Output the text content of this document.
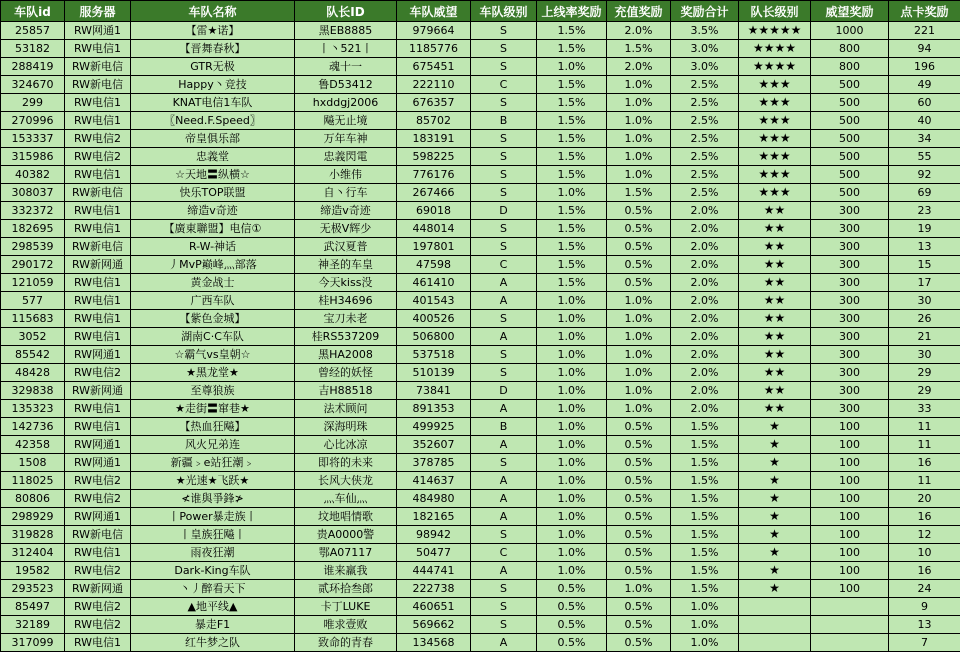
车队id	服务器	车队名称	队长ID	车队威望	车队级别	上线率奖励	充值奖励	奖励合计	队长级别	威望奖励	点卡奖励
25857	RW网通1	【雷★诺】	黑EB8885	979664	S	1.5%	2.0%	3.5%	★★★★★	1000	221
53182	RW电信1	【晋舞春秋】	丨丶521丨	1185776	S	1.5%	1.5%	3.0%	★★★★	800	94
288419	RW新电信	GTR无极	魂十一	675451	S	1.0%	2.0%	3.0%	★★★★	800	196
324670	RW新电信	Happy丶竞技	鲁D53412	222110	C	1.5%	1.0%	2.5%	★★★	500	49
299	RW电信1	KNAT电信1车队	hxddgj2006	676357	S	1.5%	1.0%	2.5%	★★★	500	60
270996	RW电信1	〖Need.F.Speed〗	飚无止境	85702	B	1.5%	1.0%	2.5%	★★★	500	40
153337	RW电信2	帝皇俱乐部	万年车神	183191	S	1.5%	1.0%	2.5%	★★★	500	34
315986	RW电信2	忠義堂	忠義閃電	598225	S	1.5%	1.0%	2.5%	★★★	500	55
40382	RW电信1	☆天地〓纵横☆	小维伟	776176	S	1.5%	1.0%	2.5%	★★★	500	92
308037	RW新电信	快乐TOP联盟	自丶行车	267466	S	1.0%	1.5%	2.5%	★★★	500	69
332372	RW电信1	缔造v奇迹	缔造v奇迹	69018	D	1.5%	0.5%	2.0%	★★	300	23
182695	RW电信1	【廣東聯盟】电信①	无极V辉少	448014	S	1.5%	0.5%	2.0%	★★	300	19
298539	RW新电信	R-W-神话	武汉夏普	197801	S	1.5%	0.5%	2.0%	★★	300	13
290172	RW新网通	丿MvP巅峰灬部落	神圣的车皇	47598	C	1.5%	0.5%	2.0%	★★	300	15
121059	RW电信1	黄金战士	今天kiss没	461410	A	1.5%	0.5%	2.0%	★★	300	17
577	RW电信1	广西车队	桂H34696	401543	A	1.0%	1.0%	2.0%	★★	300	30
115683	RW电信1	【紫色金城】	宝刀未老	400526	S	1.0%	1.0%	2.0%	★★	300	26
3052	RW电信1	湖南C·C车队	桂RS537209	506800	A	1.0%	1.0%	2.0%	★★	300	21
85542	RW网通1	☆霸气vs皇朝☆	黑HA2008	537518	S	1.0%	1.0%	2.0%	★★	300	30
48428	RW电信2	★黑龙堂★	曾经的妖怪	510139	S	1.0%	1.0%	2.0%	★★	300	29
329838	RW新网通	至尊狼族	吉H88518	73841	D	1.0%	1.0%	2.0%	★★	300	29
135323	RW电信1	★走街〓窜巷★	法术顾问	891353	A	1.0%	1.0%	2.0%	★★	300	33
142736	RW电信1	【热血狂飚】	深海明珠	499925	B	1.0%	0.5%	1.5%	★	100	11
42358	RW网通1	风火兄弟连	心比冰凉	352607	A	1.0%	0.5%	1.5%	★	100	11
1508	RW网通1	新疆﹥e站狂潮﹥	即将的未来	378785	S	1.0%	0.5%	1.5%	★	100	16
118025	RW电信2	★光速★飞跃★	长风大侠龙	414637	A	1.0%	0.5%	1.5%	★	100	11
80806	RW电信2	≮谁與爭鋒≯	灬车仙灬	484980	A	1.0%	0.5%	1.5%	★	100	20
298929	RW网通1	丨Power暴走族丨	坟地唱情歌	182165	A	1.0%	0.5%	1.5%	★	100	16
319828	RW新电信	丨皇族狂飚丨	贵A0000警	98942	S	1.0%	0.5%	1.5%	★	100	12
312404	RW电信1	雨夜狂潮	鄂A07117	50477	C	1.0%	0.5%	1.5%	★	100	10
19582	RW电信2	Dark-King车队	谁来羸我	444741	A	1.0%	0.5%	1.5%	★	100	16
293523	RW新网通	丶丿醉看天下	贰环拾叁郎	222738	S	0.5%	1.0%	1.5%	★	100	24
85497	RW电信2	▲地平线▲	卡丁LUKE	460651	S	0.5%	0.5%	1.0%			9
32189	RW电信2	暴走F1	唯求壹败	569662	S	0.5%	0.5%	1.0%			13
317099	RW电信1	红牛梦之队	致命的青春	134568	A	0.5%	0.5%	1.0%			7
